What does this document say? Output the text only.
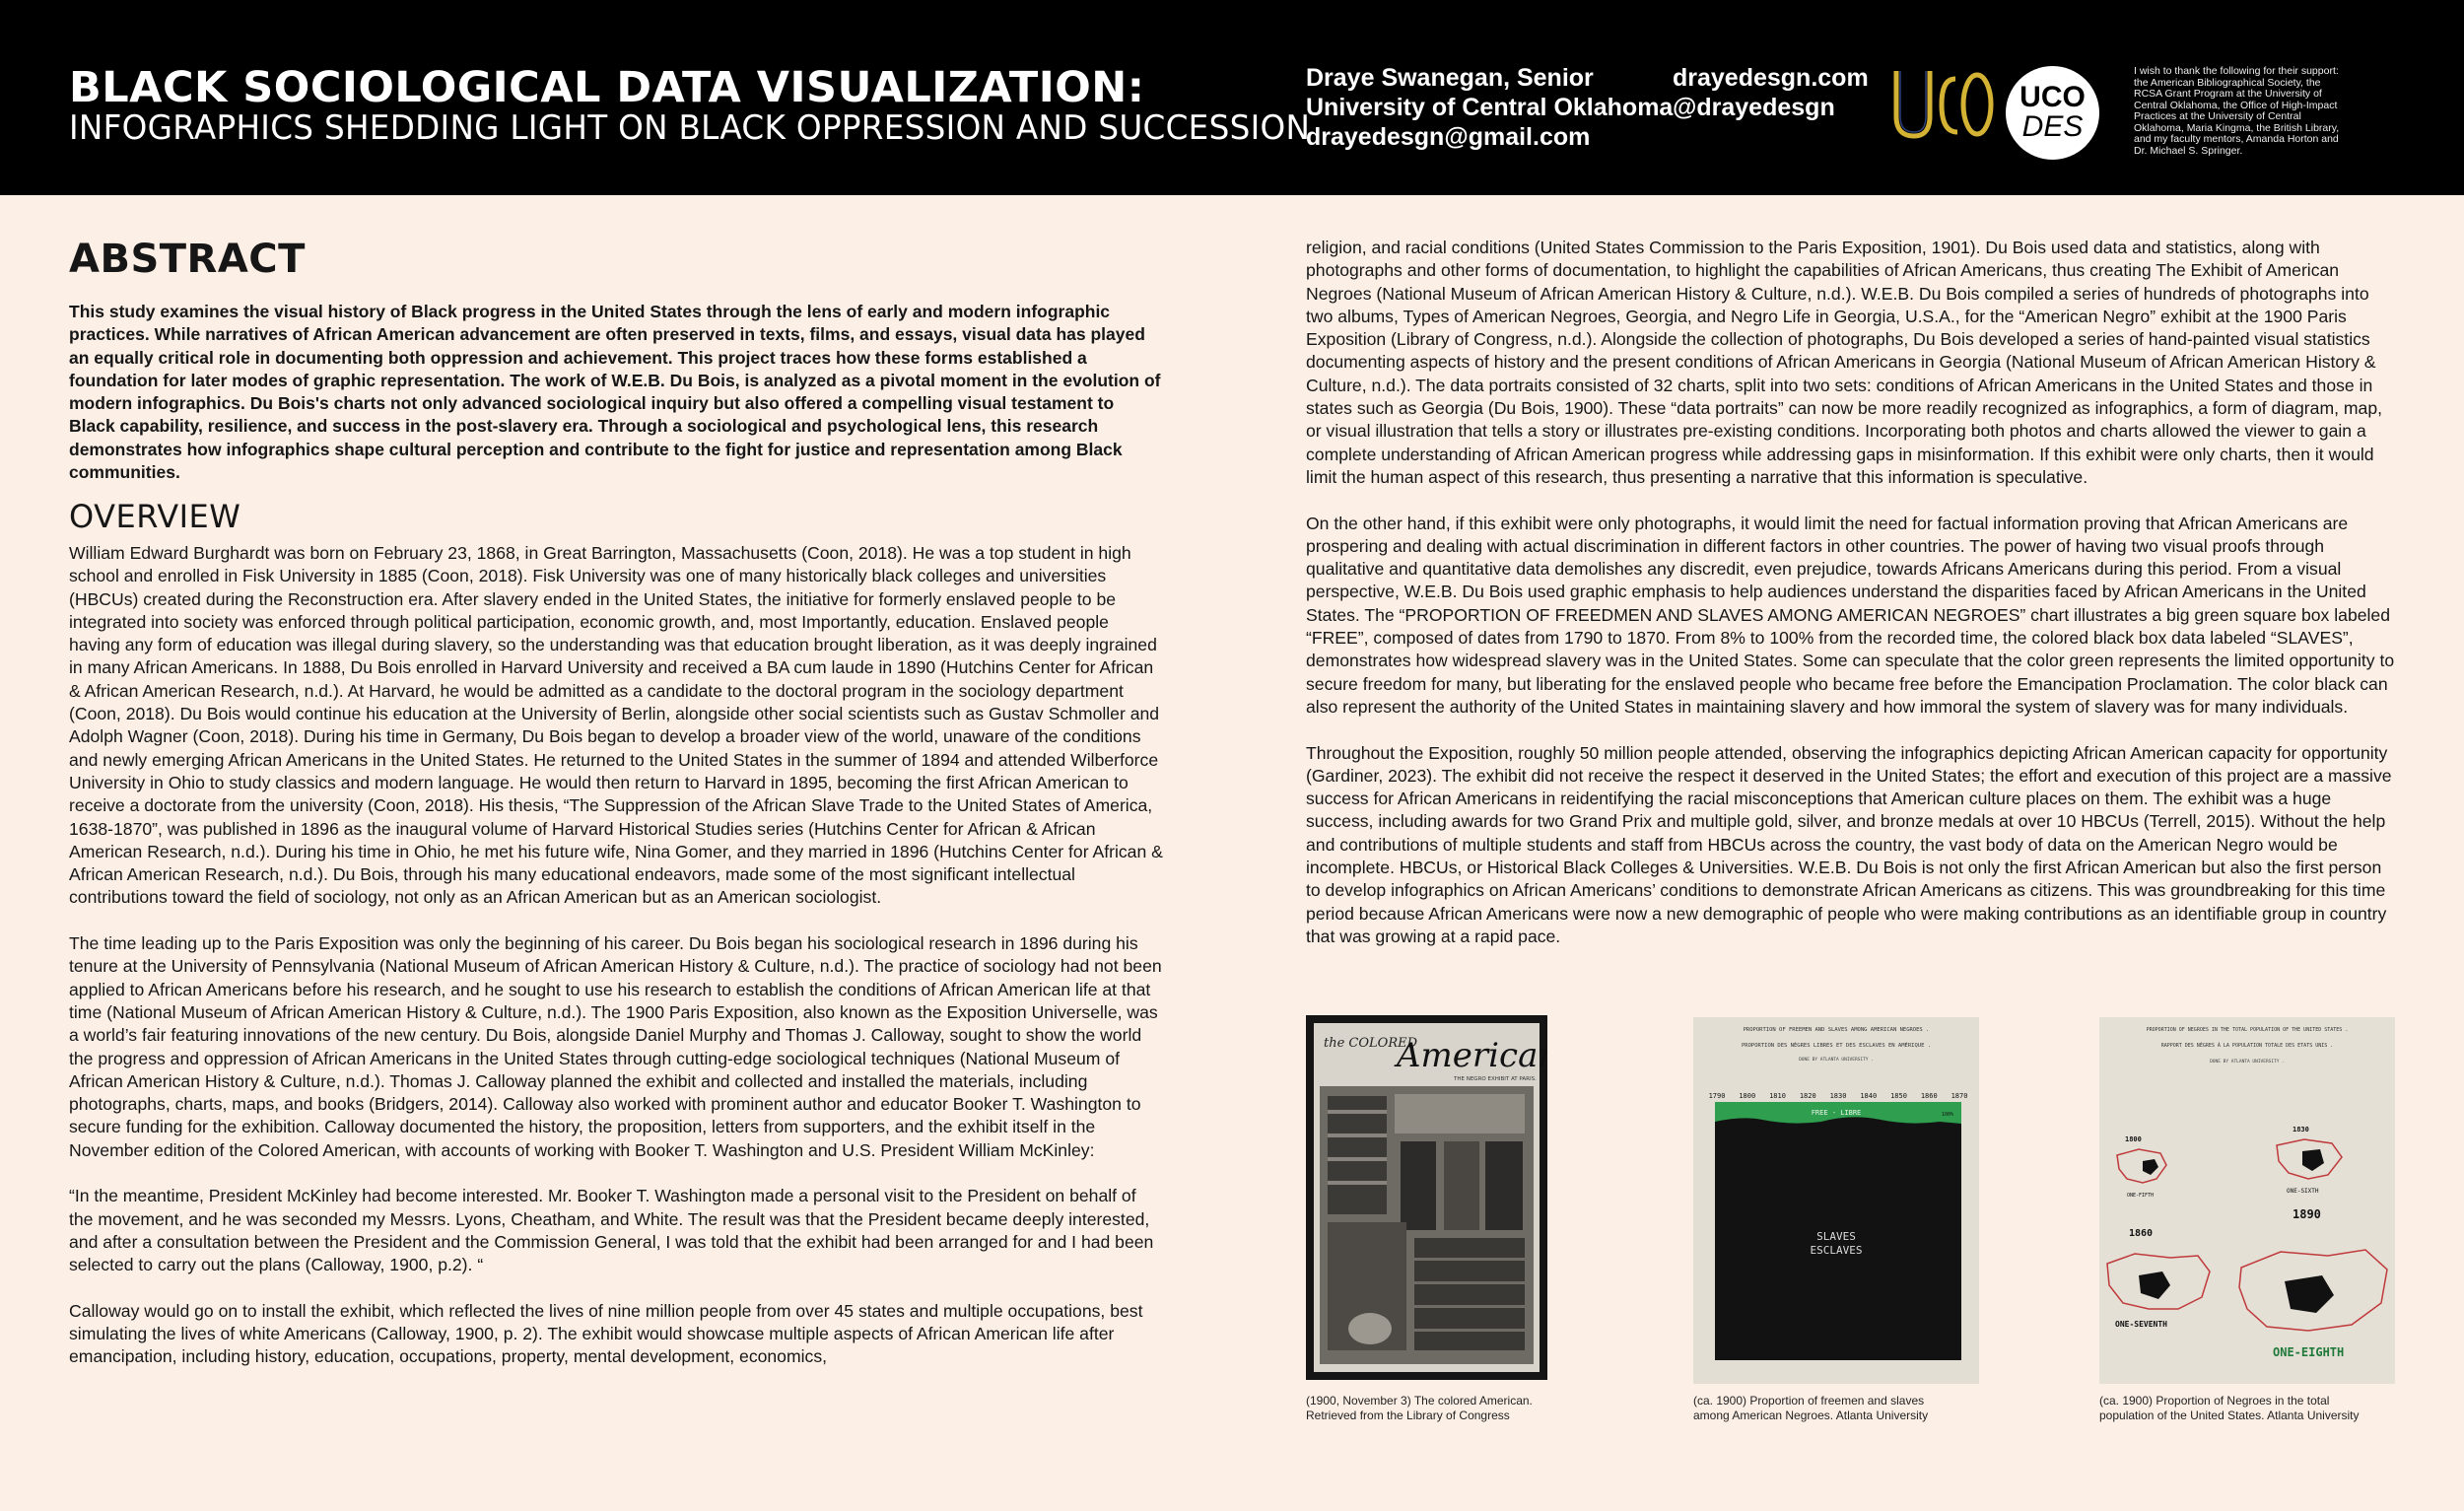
BLACK SOCIOLOGICAL DATA VISUALIZATION:
INFOGRAPHICS SHEDDING LIGHT ON BLACK OPPRESSION AND SUCCESSION
Draye Swanegan, Senior
University of Central Oklahoma
drayedesgn@gmail.com
drayedesgn.com
@drayedesgn
UCO
UCO
DES
I wish to thank the following for their support: the American Bibliographical Society, the RCSA Grant Program at the University of Central Oklahoma, the Office of High-Impact Practices at the University of Central Oklahoma, Maria Kingma, the British Library, and my faculty mentors, Amanda Horton and Dr. Michael S. Springer.
ABSTRACT
This study examines the visual history of Black progress in the United States through the lens of early and modern infographic practices. While narratives of African American advancement are often preserved in texts, films, and essays, visual data has played an equally critical role in documenting both oppression and achievement. This project traces how these forms established a foundation for later modes of graphic representation. The work of W.E.B. Du Bois, is analyzed as a pivotal moment in the evolution of modern infographics. Du Bois's charts not only advanced sociological inquiry but also offered a compelling visual testament to Black capability, resilience, and success in the post-slavery era. Through a sociological and psychological lens, this research demonstrates how infographics shape cultural perception and contribute to the fight for justice and representation among Black communities.
OVERVIEW

William Edward Burghardt was born on February 23, 1868, in Great Barrington, Massachusetts (Coon, 2018). He was a top student in high school and enrolled in Fisk University in 1885 (Coon, 2018). Fisk University was one of many historically black colleges and universities (HBCUs) created during the Reconstruction era. After slavery ended in the United States, the initiative for formerly enslaved people to be integrated into society was enforced through political participation, economic growth, and, most Importantly, education. Enslaved people having any form of education was illegal during slavery, so the understanding was that education brought liberation, as it was deeply ingrained in many African Americans. In 1888, Du Bois enrolled in Harvard University and received a BA cum laude in 1890 (Hutchins Center for African & African American Research, n.d.). At Harvard, he would be admitted as a candidate to the doctoral program in the sociology department (Coon, 2018). Du Bois would continue his education at the University of Berlin, alongside other social scientists such as Gustav Schmoller and Adolph Wagner (Coon, 2018). During his time in Germany, Du Bois began to develop a broader view of the world, unaware of the conditions and newly emerging African Americans in the United States. He returned to the United States in the summer of 1894 and attended Wilberforce University in Ohio to study classics and modern language. He would then return to Harvard in 1895, becoming the first African American to receive a doctorate from the university (Coon, 2018). His thesis, “The Suppression of the African Slave Trade to the United States of America, 1638-1870”, was published in 1896 as the inaugural volume of Harvard Historical Studies series (Hutchins Center for African & African American Research, n.d.). During his time in Ohio, he met his future wife, Nina Gomer, and they married in 1896 (Hutchins Center for African & African American Research, n.d.). Du Bois, through his many educational endeavors, made some of the most significant intellectual contributions toward the field of sociology, not only as an African American but as an American sociologist.

The time leading up to the Paris Exposition was only the beginning of his career. Du Bois began his sociological research in 1896 during his tenure at the University of Pennsylvania (National Museum of African American History & Culture, n.d.). The practice of sociology had not been applied to African Americans before his research, and he sought to use his research to establish the conditions of African American life at that time (National Museum of African American History & Culture, n.d.). The 1900 Paris Exposition, also known as the Exposition Universelle, was a world’s fair featuring innovations of the new century. Du Bois, alongside Daniel Murphy and Thomas J. Calloway, sought to show the world the progress and oppression of African Americans in the United States through cutting-edge sociological techniques (National Museum of African American History & Culture, n.d.). Thomas J. Calloway planned the exhibit and collected and installed the materials, including photographs, charts, maps, and books (Bridgers, 2014). Calloway also worked with prominent author and educator Booker T. Washington to secure funding for the exhibition. Calloway documented the history, the proposition, letters from supporters, and the exhibit itself in the November edition of the Colored American, with accounts of working with Booker T. Washington and U.S. President William McKinley:

“In the meantime, President McKinley had become interested. Mr. Booker T. Washington made a personal visit to the President on behalf of the movement, and he was seconded my Messrs. Lyons, Cheatham, and White. The result was that the President became deeply interested, and after a consultation between the President and the Commission General, I was told that the exhibit had been arranged for and I had been selected to carry out the plans (Calloway, 1900, p.2). “

Calloway would go on to install the exhibit, which reflected the lives of nine million people from over 45 states and multiple occupations, best simulating the lives of white Americans (Calloway, 1900, p. 2). The exhibit would showcase multiple aspects of African American life after emancipation, including history, education, occupations, property, mental development, economics,

religion, and racial conditions (United States Commission to the Paris Exposition, 1901). Du Bois used data and statistics, along with photographs and other forms of documentation, to highlight the capabilities of African Americans, thus creating The Exhibit of American Negroes (National Museum of African American History & Culture, n.d.). W.E.B. Du Bois compiled a series of hundreds of photographs into two albums, Types of American Negroes, Georgia, and Negro Life in Georgia, U.S.A., for the “American Negro” exhibit at the 1900 Paris Exposition (Library of Congress, n.d.). Alongside the collection of photographs, Du Bois developed a series of hand-painted visual statistics documenting aspects of history and the present conditions of African Americans in Georgia (National Museum of African American History & Culture, n.d.). The data portraits consisted of 32 charts, split into two sets: conditions of African Americans in the United States and those in states such as Georgia (Du Bois, 1900). These “data portraits” can now be more readily recognized as infographics, a form of diagram, map, or visual illustration that tells a story or illustrates pre-existing conditions. Incorporating both photos and charts allowed the viewer to gain a complete understanding of African American progress while addressing gaps in misinformation. If this exhibit were only charts, then it would limit the human aspect of this research, thus presenting a narrative that this information is speculative.

On the other hand, if this exhibit were only photographs, it would limit the need for factual information proving that African Americans are prospering and dealing with actual discrimination in different factors in other countries. The power of having two visual proofs through qualitative and quantitative data demolishes any discredit, even prejudice, towards Africans Americans during this period. From a visual perspective, W.E.B. Du Bois used graphic emphasis to help audiences understand the disparities faced by African Americans in the United States. The “PROPORTION OF FREEDMEN AND SLAVES AMONG AMERICAN NEGROES” chart illustrates a big green square box labeled “FREE”, composed of dates from 1790 to 1870. From 8% to 100% from the recorded time, the colored black box data labeled “SLAVES”, demonstrates how widespread slavery was in the United States. Some can speculate that the color green represents the limited opportunity to secure freedom for many, but liberating for the enslaved people who became free before the Emancipation Proclamation. The color black can also represent the authority of the United States in maintaining slavery and how immoral the system of slavery was for many individuals.

Throughout the Exposition, roughly 50 million people attended, observing the infographics depicting African American capacity for opportunity (Gardiner, 2023). The exhibit did not receive the respect it deserved in the United States; the effort and execution of this project are a massive success for African Americans in reidentifying the racial misconceptions that American culture places on them. The exhibit was a huge success, including awards for two Grand Prix and multiple gold, silver, and bronze medals at over 10 HBCUs (Terrell, 2015). Without the help and contributions of multiple students and staff from HBCUs across the country, the vast body of data on the American Negro would be incomplete. HBCUs, or Historical Black Colleges & Universities. W.E.B. Du Bois is not only the first African American but also the first person to develop infographics on African Americans’ conditions to demonstrate African Americans as citizens. This was groundbreaking for this time period because African Americans were now a new demographic of people who were making contributions as an identifiable group in country that was growing at a rapid pace.

the COLORED
American
THE NEGRO EXHIBIT AT PARIS.
(1900, November 3) The colored American.
Retrieved from the Library of Congress
PROPORTION OF FREEMEN AND SLAVES AMONG AMERICAN NEGROES .
PROPORTION DES NÈGRES LIBRES ET DES ESCLAVES EN AMÉRIQUE .
DONE BY ATLANTA UNIVERSITY .
1790 1800 1810 1820 1830 1840 1850 1860 1870
FREE - LIBRE	100%
SLAVES
ESCLAVES
(ca. 1900) Proportion of freemen and slaves
among American Negroes. Atlanta University
PROPORTION OF NEGROES IN THE TOTAL POPULATION OF THE UNITED STATES .
RAPPORT DES NÈGRES À LA POPULATION TOTALE DES ETATS UNIS .
DONE BY ATLANTA UNIVERSITY .
1800
ONE-FIFTH
1830
ONE-SIXTH
1860
ONE-SEVENTH
1890
ONE-EIGHTH
(ca. 1900) Proportion of Negroes in the total
population of the United States. Atlanta University
